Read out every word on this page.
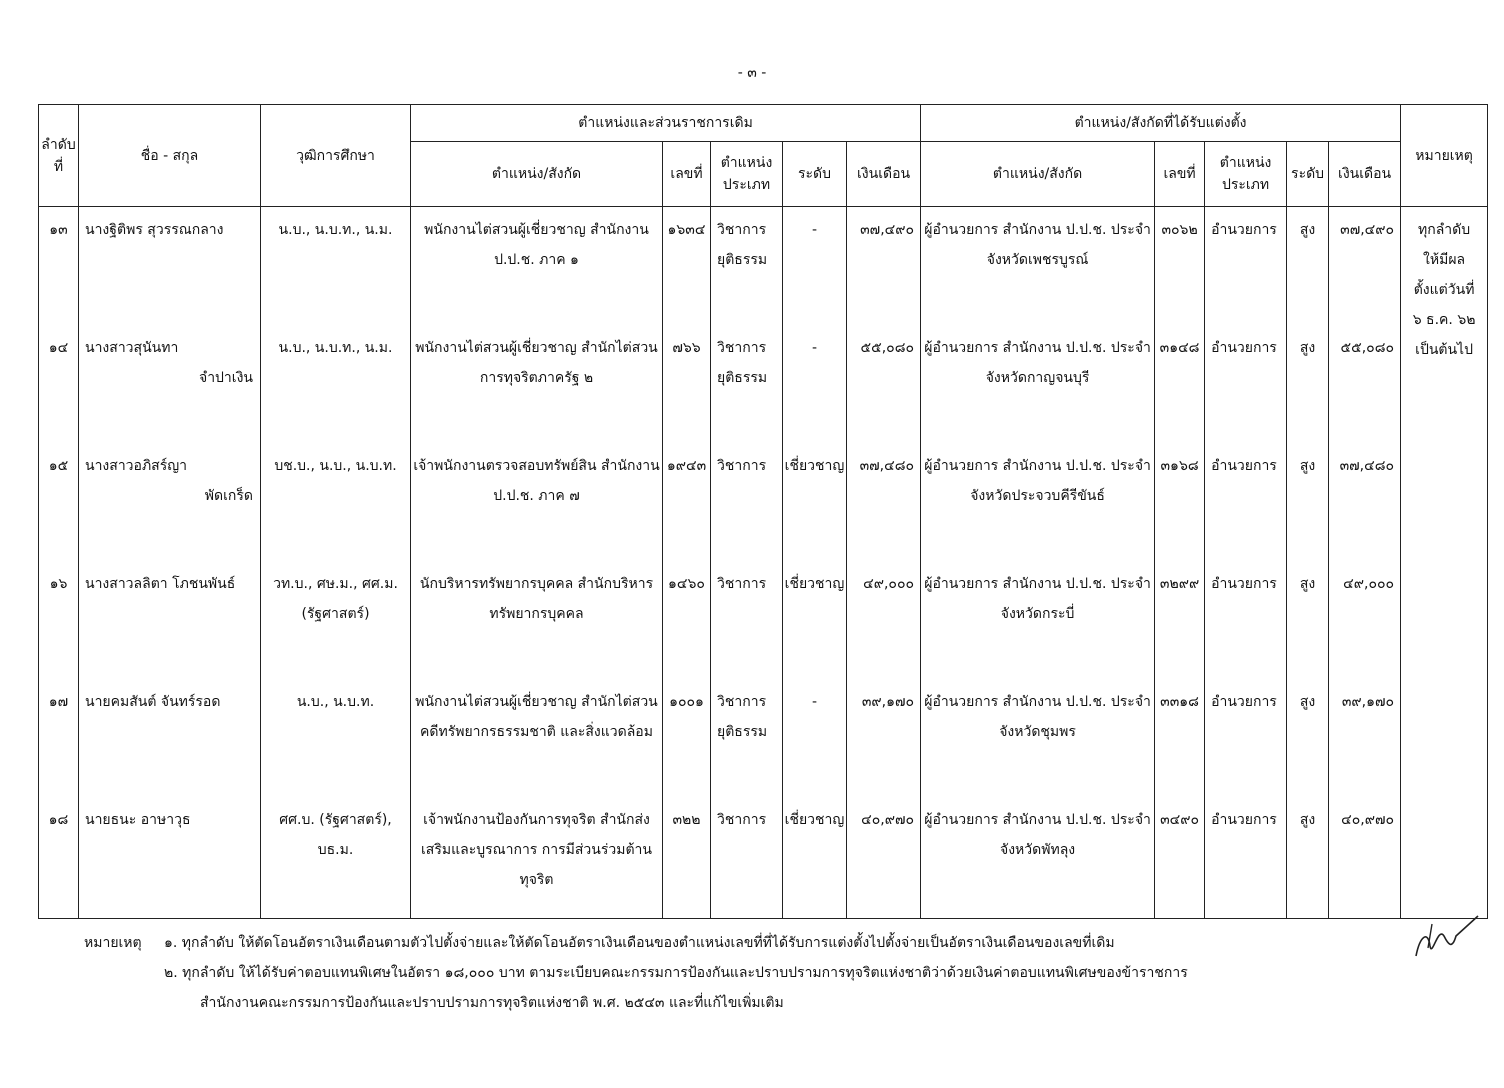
- ๓ -
ลำดับที่	ชื่อ - สกุล	วุฒิการศึกษา	ตำแหน่งและส่วนราชการเดิม					ตำแหน่ง/สังกัดที่ได้รับแต่งตั้ง					หมายเหตุ
			ตำแหน่ง/สังกัด	เลขที่	ตำแหน่งประเภท	ระดับ	เงินเดือน	ตำแหน่ง/สังกัด	เลขที่	ตำแหน่งประเภท	ระดับ	เงินเดือน	
๑๓	นางฐิติพร สุวรรณกลาง	น.บ., น.บ.ท., น.ม.	พนักงานไต่สวนผู้เชี่ยวชาญ สำนักงาน ป.ป.ช. ภาค ๑	๑๖๓๔	วิชาการยุติธรรม	-	๓๗,๔๙๐	ผู้อำนวยการ สำนักงาน ป.ป.ช. ประจำ จังหวัดเพชรบูรณ์	๓๐๖๒	อำนวยการ	สูง	๓๗,๔๙๐	ทุกลำดับ
ให้มีผล
ตั้งแต่วันที่
๖ ธ.ค. ๖๒
เป็นต้นไป

๑๔	นางสาวสุนันทา
จำปาเงิน	น.บ., น.บ.ท., น.ม.	พนักงานไต่สวนผู้เชี่ยวชาญ สำนักไต่สวนการทุจริตภาครัฐ ๒	๗๖๖	วิชาการยุติธรรม	-	๕๕,๐๘๐	ผู้อำนวยการ สำนักงาน ป.ป.ช. ประจำ จังหวัดกาญจนบุรี	๓๑๔๘	อำนวยการ	สูง	๕๕,๐๘๐	
๑๕	นางสาวอภิสร์ญา
พัดเกร็ด	บช.บ., น.บ., น.บ.ท.	เจ้าพนักงานตรวจสอบทรัพย์สิน สำนักงาน ป.ป.ช. ภาค ๗	๑๙๔๓	วิชาการ	เชี่ยวชาญ	๓๗,๔๘๐	ผู้อำนวยการ สำนักงาน ป.ป.ช. ประจำ จังหวัดประจวบคีรีขันธ์	๓๑๖๘	อำนวยการ	สูง	๓๗,๔๘๐	
๑๖	นางสาวลลิตา โภชนพันธ์	วท.บ., ศษ.ม., ศศ.ม. (รัฐศาสตร์)	นักบริหารทรัพยากรบุคคล สำนักบริหารทรัพยากรบุคคล	๑๔๖๐	วิชาการ	เชี่ยวชาญ	๔๙,๐๐๐	ผู้อำนวยการ สำนักงาน ป.ป.ช. ประจำ จังหวัดกระบี่	๓๒๙๙	อำนวยการ	สูง	๔๙,๐๐๐	
๑๗	นายคมสันต์ จันทร์รอด	น.บ., น.บ.ท.	พนักงานไต่สวนผู้เชี่ยวชาญ สำนักไต่สวนคดีทรัพยากรธรรมชาติ และสิ่งแวดล้อม	๑๐๐๑	วิชาการยุติธรรม	-	๓๙,๑๗๐	ผู้อำนวยการ สำนักงาน ป.ป.ช. ประจำ จังหวัดชุมพร	๓๓๑๘	อำนวยการ	สูง	๓๙,๑๗๐	
๑๘	นายธนะ อาษาวุธ	ศศ.บ. (รัฐศาสตร์), บธ.ม.	เจ้าพนักงานป้องกันการทุจริต สำนักส่งเสริมและบูรณาการ การมีส่วนร่วมต้านทุจริต	๓๒๒	วิชาการ	เชี่ยวชาญ	๔๐,๙๗๐	ผู้อำนวยการ สำนักงาน ป.ป.ช. ประจำ จังหวัดพัทลุง	๓๔๙๐	อำนวยการ	สูง	๔๐,๙๗๐	
หมายเหตุ	๑. ทุกลำดับ ให้ตัดโอนอัตราเงินเดือนตามตัวไปตั้งจ่ายและให้ตัดโอนอัตราเงินเดือนของตำแหน่งเลขที่ที่ได้รับการแต่งตั้งไปตั้งจ่ายเป็นอัตราเงินเดือนของเลขที่เดิม
๒. ทุกลำดับ ให้ได้รับค่าตอบแทนพิเศษในอัตรา ๑๘,๐๐๐ บาท ตามระเบียบคณะกรรมการป้องกันและปราบปรามการทุจริตแห่งชาติว่าด้วยเงินค่าตอบแทนพิเศษของข้าราชการ
สำนักงานคณะกรรมการป้องกันและปราบปรามการทุจริตแห่งชาติ พ.ศ. ๒๕๔๓ และที่แก้ไขเพิ่มเติม
